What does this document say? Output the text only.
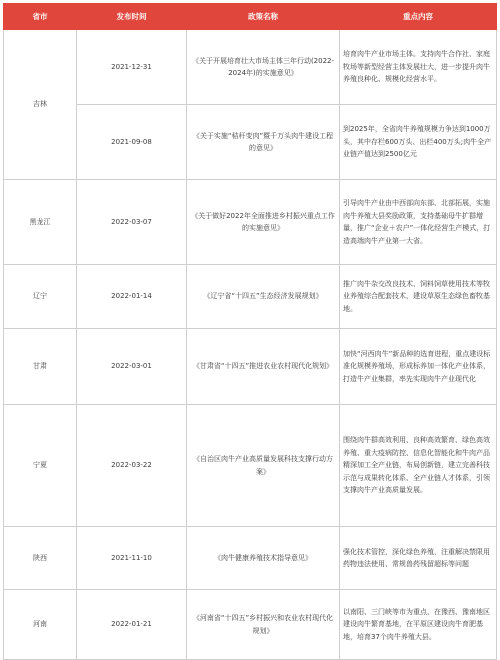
省市	发布时间	政策名称	重点内容
吉林	2021-12-31	《关于开展培育壮大市场主体三年行动(2022-2024年)的实施意见》	培育肉牛产业市场主体。支持肉牛合作社、家庭牧场等新型经营主体发展壮大，进一步提升肉牛养殖良种化、规模化经营水平。
	2021-09-08	《关于实施“秸秆变肉”暨千万头肉牛建设工程的意见》	到2025年，全省肉牛养殖规模力争达到1000万头，其中存栏600万头、出栏400万头;肉牛全产业链产值达到2500亿元
黑龙江	2022-03-07	《关于做好2022年全面推进乡村振兴重点工作的实施意见》	引导肉牛产业由中西部向东部、北部拓展，实施肉牛养殖大县奖励政策，支持基础母牛扩群增量，推广“企业＋农户”一体化经营生产模式，打造高端肉牛产业第一大省。
辽宁	2022-01-14	《辽宁省“十四五”生态经济发展规划》	推广肉牛杂交改良技术、饲料饲草使用技术等牧业养殖综合配套技术，建设草原生态绿色畜牧基地。
甘肃	2022-03-01	《甘肃省“十四五”推进农业农村现代化规划》	加快“河西肉牛”新品种的选育进程，重点建设标准化规模养殖场，形成标养加一体化产业体系，打造牛产业集群，率先实现肉牛产业现代化
宁夏	2022-03-22	《自治区肉牛产业高质量发展科技支撑行动方案》	围绕肉牛群高效利用、良种高效繁育、绿色高效养殖、重大疫病防控、信息化智能化和牛肉产品精深加工全产业链，布局创新链，建立完善科技示范与成果转化体系、全产业链人才体系，引领支撑肉牛产业高质量发展。
陕西	2021-11-10	《肉牛健康养殖技术指导意见》	强化技术管控，深化绿色养殖，注重解决禁限用药物违法使用、常规兽药残留超标等问题
河南	2022-01-21	《河南省“十四五”乡村振兴和农业农村现代化规划》	以南阳、三门峡等市为重点，在豫西、豫南地区建设肉牛繁育基地，在平原区建设肉牛育肥基地，培育37个肉牛养殖大县。
